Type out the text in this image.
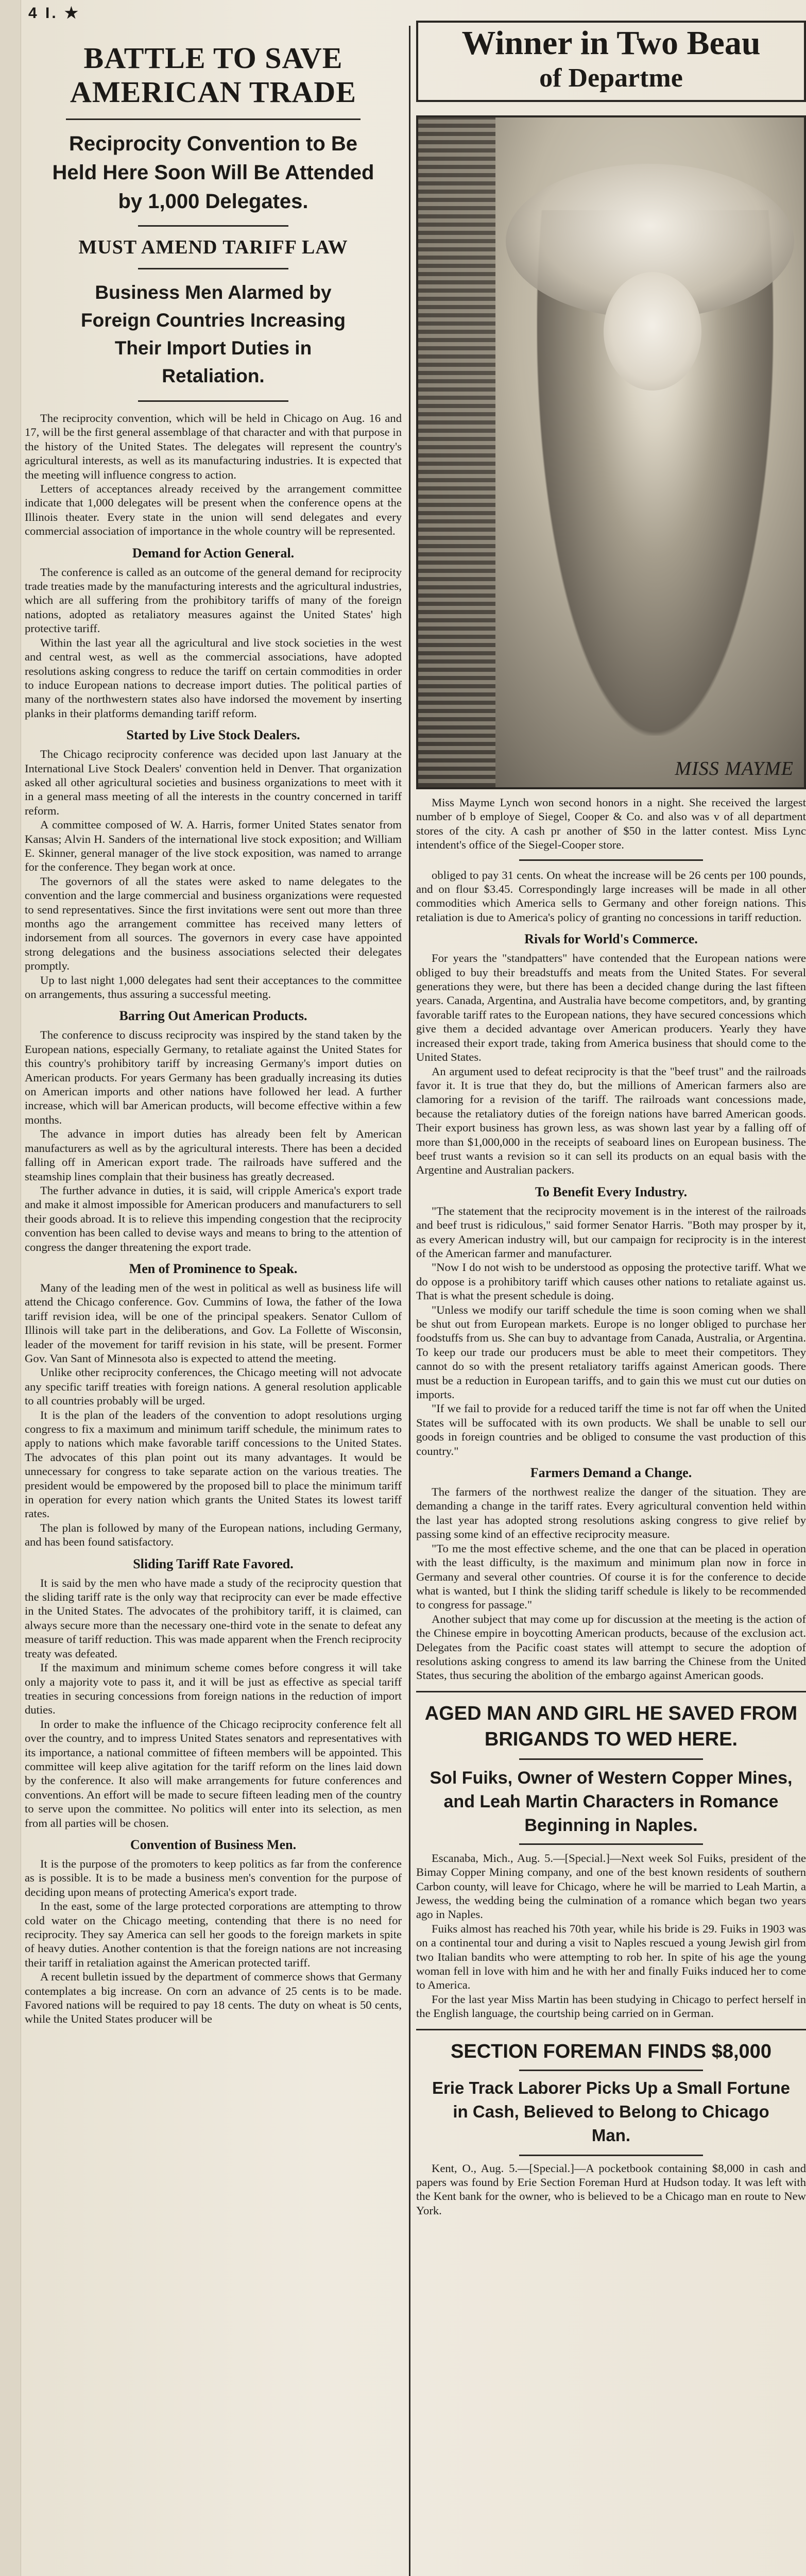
4 I. ★
BATTLE TO SAVE
AMERICAN TRADE
Reciprocity Convention to Be Held Here Soon Will Be Attended by 1,000 Delegates.
MUST AMEND TARIFF LAW
Business Men Alarmed by Foreign Countries Increasing Their Import Duties in Retaliation.

The reciprocity convention, which will be held in Chicago on Aug. 16 and 17, will be the first general assemblage of that character and with that purpose in the history of the United States. The delegates will represent the country's agricultural interests, as well as its manufacturing industries. It is expected that the meeting will influence congress to action.

Letters of acceptances already received by the arrangement committee indicate that 1,000 delegates will be present when the conference opens at the Illinois theater. Every state in the union will send delegates and every commercial association of importance in the whole country will be represented.

Demand for Action General.

The conference is called as an outcome of the general demand for reciprocity trade treaties made by the manufacturing interests and the agricultural industries, which are all suffering from the prohibitory tariffs of many of the foreign nations, adopted as retaliatory measures against the United States' high protective tariff.

Within the last year all the agricultural and live stock societies in the west and central west, as well as the commercial associations, have adopted resolutions asking congress to reduce the tariff on certain commodities in order to induce European nations to decrease import duties. The political parties of many of the northwestern states also have indorsed the movement by inserting planks in their platforms demanding tariff reform.

Started by Live Stock Dealers.

The Chicago reciprocity conference was decided upon last January at the International Live Stock Dealers' convention held in Denver. That organization asked all other agricultural societies and business organizations to meet with it in a general mass meeting of all the interests in the country concerned in tariff reform.

A committee composed of W. A. Harris, former United States senator from Kansas; Alvin H. Sanders of the international live stock exposition; and William E. Skinner, general manager of the live stock exposition, was named to arrange for the conference. They began work at once.

The governors of all the states were asked to name delegates to the convention and the large commercial and business organizations were requested to send representatives. Since the first invitations were sent out more than three months ago the arrangement committee has received many letters of indorsement from all sources. The governors in every case have appointed strong delegations and the business associations selected their delegates promptly.

Up to last night 1,000 delegates had sent their acceptances to the committee on arrangements, thus assuring a successful meeting.

Barring Out American Products.

The conference to discuss reciprocity was inspired by the stand taken by the European nations, especially Germany, to retaliate against the United States for this country's prohibitory tariff by increasing Germany's import duties on American products. For years Germany has been gradually increasing its duties on American imports and other nations have followed her lead. A further increase, which will bar American products, will become effective within a few months.

The advance in import duties has already been felt by American manufacturers as well as by the agricultural interests. There has been a decided falling off in American export trade. The railroads have suffered and the steamship lines complain that their business has greatly decreased.

The further advance in duties, it is said, will cripple America's export trade and make it almost impossible for American producers and manufacturers to sell their goods abroad. It is to relieve this impending congestion that the reciprocity convention has been called to devise ways and means to bring to the attention of congress the danger threatening the export trade.

Men of Prominence to Speak.

Many of the leading men of the west in political as well as business life will attend the Chicago conference. Gov. Cummins of Iowa, the father of the Iowa tariff revision idea, will be one of the principal speakers. Senator Cullom of Illinois will take part in the deliberations, and Gov. La Follette of Wisconsin, leader of the movement for tariff revision in his state, will be present. Former Gov. Van Sant of Minnesota also is expected to attend the meeting.

Unlike other reciprocity conferences, the Chicago meeting will not advocate any specific tariff treaties with foreign nations. A general resolution applicable to all countries probably will be urged.

It is the plan of the leaders of the convention to adopt resolutions urging congress to fix a maximum and minimum tariff schedule, the minimum rates to apply to nations which make favorable tariff concessions to the United States. The advocates of this plan point out its many advantages. It would be unnecessary for congress to take separate action on the various treaties. The president would be empowered by the proposed bill to place the minimum tariff in operation for every nation which grants the United States its lowest tariff rates.

The plan is followed by many of the European nations, including Germany, and has been found satisfactory.

Sliding Tariff Rate Favored.

It is said by the men who have made a study of the reciprocity question that the sliding tariff rate is the only way that reciprocity can ever be made effective in the United States. The advocates of the prohibitory tariff, it is claimed, can always secure more than the necessary one-third vote in the senate to defeat any measure of tariff reduction. This was made apparent when the French reciprocity treaty was defeated.

If the maximum and minimum scheme comes before congress it will take only a majority vote to pass it, and it will be just as effective as special tariff treaties in securing concessions from foreign nations in the reduction of import duties.

In order to make the influence of the Chicago reciprocity conference felt all over the country, and to impress United States senators and representatives with its importance, a national committee of fifteen members will be appointed. This committee will keep alive agitation for the tariff reform on the lines laid down by the conference. It also will make arrangements for future conferences and conventions. An effort will be made to secure fifteen leading men of the country to serve upon the committee. No politics will enter into its selection, as men from all parties will be chosen.

Convention of Business Men.

It is the purpose of the promoters to keep politics as far from the conference as is possible. It is to be made a business men's convention for the purpose of deciding upon means of protecting America's export trade.

In the east, some of the large protected corporations are attempting to throw cold water on the Chicago meeting, contending that there is no need for reciprocity. They say America can sell her goods to the foreign markets in spite of heavy duties. Another contention is that the foreign nations are not increasing their tariff in retaliation against the American protected tariff.

A recent bulletin issued by the department of commerce shows that Germany contemplates a big increase. On corn an advance of 25 cents is to be made. Favored nations will be required to pay 18 cents. The duty on wheat is 50 cents, while the United States producer will be

Winner in Two Beau
of Departme
MISS MAYME

Miss Mayme Lynch won second honors in a night. She received the largest number of b employe of Siegel, Cooper & Co. and also was v of all department stores of the city. A cash pr another of $50 in the latter contest. Miss Lync intendent's office of the Siegel-Cooper store.

obliged to pay 31 cents. On wheat the increase will be 26 cents per 100 pounds, and on flour $3.45. Correspondingly large increases will be made in all other commodities which America sells to Germany and other foreign nations. This retaliation is due to America's policy of granting no concessions in tariff reduction.

Rivals for World's Commerce.

For years the "standpatters" have contended that the European nations were obliged to buy their breadstuffs and meats from the United States. For several generations they were, but there has been a decided change during the last fifteen years. Canada, Argentina, and Australia have become competitors, and, by granting favorable tariff rates to the European nations, they have secured concessions which give them a decided advantage over American producers. Yearly they have increased their export trade, taking from America business that should come to the United States.

An argument used to defeat reciprocity is that the "beef trust" and the railroads favor it. It is true that they do, but the millions of American farmers also are clamoring for a revision of the tariff. The railroads want concessions made, because the retaliatory duties of the foreign nations have barred American goods. Their export business has grown less, as was shown last year by a falling off of more than $1,000,000 in the receipts of seaboard lines on European business. The beef trust wants a revision so it can sell its products on an equal basis with the Argentine and Australian packers.

To Benefit Every Industry.

"The statement that the reciprocity movement is in the interest of the railroads and beef trust is ridiculous," said former Senator Harris. "Both may prosper by it, as every American industry will, but our campaign for reciprocity is in the interest of the American farmer and manufacturer.

"Now I do not wish to be understood as opposing the protective tariff. What we do oppose is a prohibitory tariff which causes other nations to retaliate against us. That is what the present schedule is doing.

"Unless we modify our tariff schedule the time is soon coming when we shall be shut out from European markets. Europe is no longer obliged to purchase her foodstuffs from us. She can buy to advantage from Canada, Australia, or Argentina. To keep our trade our producers must be able to meet their competitors. They cannot do so with the present retaliatory tariffs against American goods. There must be a reduction in European tariffs, and to gain this we must cut our duties on imports.

"If we fail to provide for a reduced tariff the time is not far off when the United States will be suffocated with its own products. We shall be unable to sell our goods in foreign countries and be obliged to consume the vast production of this country."

Farmers Demand a Change.

The farmers of the northwest realize the danger of the situation. They are demanding a change in the tariff rates. Every agricultural convention held within the last year has adopted strong resolutions asking congress to give relief by passing some kind of an effective reciprocity measure.

"To me the most effective scheme, and the one that can be placed in operation with the least difficulty, is the maximum and minimum plan now in force in Germany and several other countries. Of course it is for the conference to decide what is wanted, but I think the sliding tariff schedule is likely to be recommended to congress for passage."

Another subject that may come up for discussion at the meeting is the action of the Chinese empire in boycotting American products, because of the exclusion act. Delegates from the Pacific coast states will attempt to secure the adoption of resolutions asking congress to amend its law barring the Chinese from the United States, thus securing the abolition of the embargo against American goods.

AGED MAN AND GIRL HE SAVED FROM BRIGANDS TO WED HERE.
Sol Fuiks, Owner of Western Copper Mines, and Leah Martin Characters in Romance Beginning in Naples.

Escanaba, Mich., Aug. 5.—[Special.]—Next week Sol Fuiks, president of the Bimay Copper Mining company, and one of the best known residents of southern Carbon county, will leave for Chicago, where he will be married to Leah Martin, a Jewess, the wedding being the culmination of a romance which began two years ago in Naples.

Fuiks almost has reached his 70th year, while his bride is 29. Fuiks in 1903 was on a continental tour and during a visit to Naples rescued a young Jewish girl from two Italian bandits who were attempting to rob her. In spite of his age the young woman fell in love with him and he with her and finally Fuiks induced her to come to America.

For the last year Miss Martin has been studying in Chicago to perfect herself in the English language, the courtship being carried on in German.

SECTION FOREMAN FINDS $8,000
Erie Track Laborer Picks Up a Small Fortune in Cash, Believed to Belong to Chicago Man.

Kent, O., Aug. 5.—[Special.]—A pocketbook containing $8,000 in cash and papers was found by Erie Section Foreman Hurd at Hudson today. It was left with the Kent bank for the owner, who is believed to be a Chicago man en route to New York.
